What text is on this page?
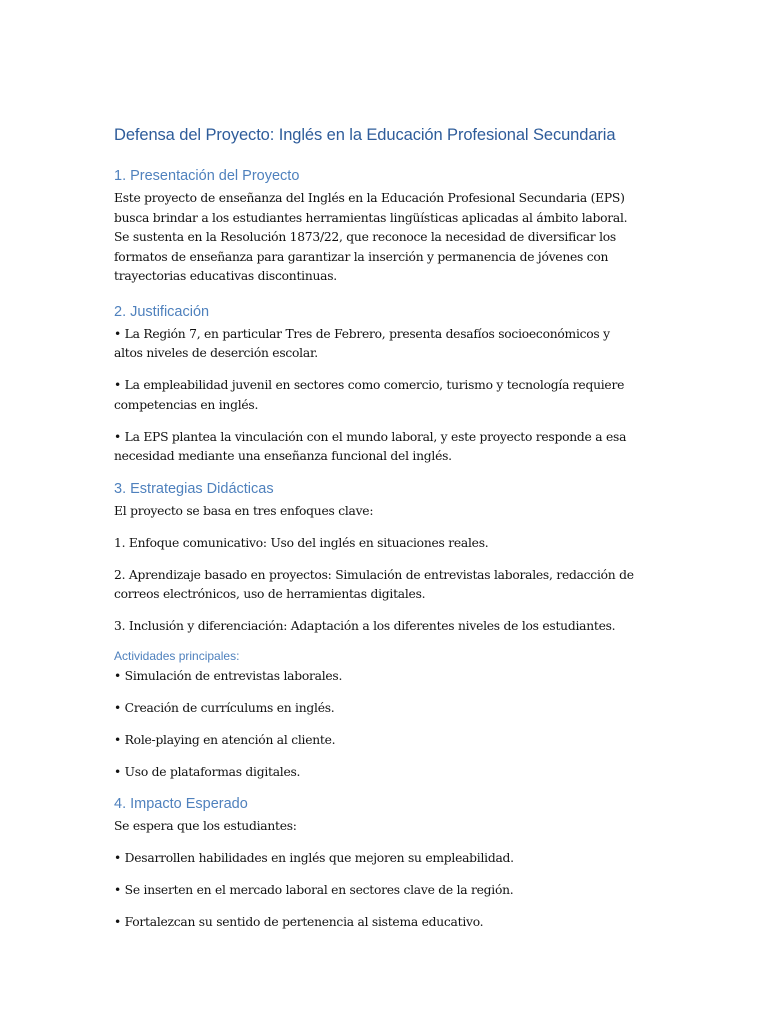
Defensa del Proyecto: Inglés en la Educación Profesional Secundaria
1. Presentación del Proyecto

Este proyecto de enseñanza del Inglés en la Educación Profesional Secundaria (EPS) busca brindar a los estudiantes herramientas lingüísticas aplicadas al ámbito laboral. Se sustenta en la Resolución 1873/22, que reconoce la necesidad de diversificar los formatos de enseñanza para garantizar la inserción y permanencia de jóvenes con trayectorias educativas discontinuas.

2. Justificación

• La Región 7, en particular Tres de Febrero, presenta desafíos socioeconómicos y altos niveles de deserción escolar.

• La empleabilidad juvenil en sectores como comercio, turismo y tecnología requiere competencias en inglés.

• La EPS plantea la vinculación con el mundo laboral, y este proyecto responde a esa necesidad mediante una enseñanza funcional del inglés.

3. Estrategias Didácticas

El proyecto se basa en tres enfoques clave:

1. Enfoque comunicativo: Uso del inglés en situaciones reales.

2. Aprendizaje basado en proyectos: Simulación de entrevistas laborales, redacción de correos electrónicos, uso de herramientas digitales.

3. Inclusión y diferenciación: Adaptación a los diferentes niveles de los estudiantes.

Actividades principales:

• Simulación de entrevistas laborales.

• Creación de currículums en inglés.

• Role-playing en atención al cliente.

• Uso de plataformas digitales.

4. Impacto Esperado

Se espera que los estudiantes:

• Desarrollen habilidades en inglés que mejoren su empleabilidad.

• Se inserten en el mercado laboral en sectores clave de la región.

• Fortalezcan su sentido de pertenencia al sistema educativo.
